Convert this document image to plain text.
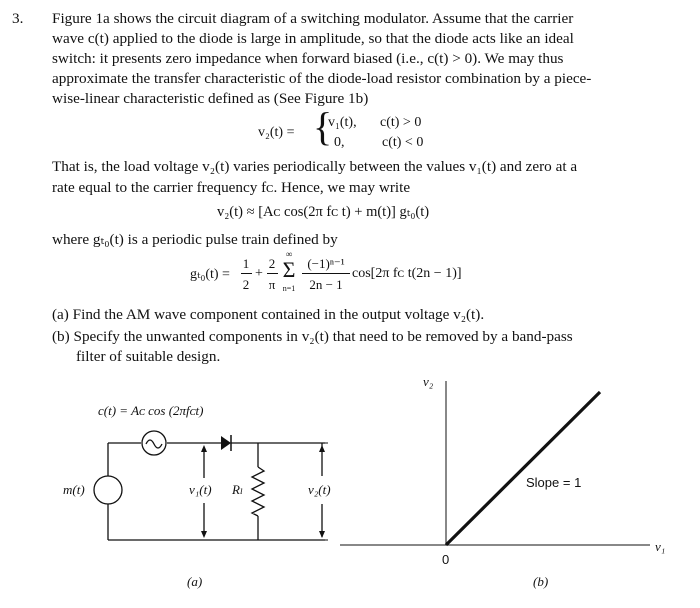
3. Figure 1a shows the circuit diagram of a switching modulator. Assume that the carrier
wave c(t) applied to the diode is large in amplitude, so that the diode acts like an ideal
switch: it presents zero impedance when forward biased (i.e., c(t) > 0). We may thus
approximate the transfer characteristic of the diode-load resistor combination by a piece-
wise-linear characteristic defined as (See Figure 1b)
v₂(t) = {
v₁(t), c(t) > 0
0,	c(t) < 0
That is, the load voltage v₂(t) varies periodically between the values v₁(t) and zero at a
rate equal to the carrier frequency fᴄ. Hence, we may write
v₂(t) ≈ [Aᴄ cos(2π fᴄ t) + m(t)] gₜ₀(t)
where gₜ₀(t) is a periodic pulse train defined by
gₜ₀(t) =
1
2
+
2
π
∞
Σ
n=1
(−1)ⁿ⁻¹
2n − 1
cos[2π fᴄ t(2n − 1)]
(a) Find the AM wave component contained in the output voltage v₂(t).
(b) Specify the unwanted components in v₂(t) that need to be removed by a band-pass
filter of suitable design.
c(t) = Aᴄ cos (2πfᴄt)
m(t)	v₁(t) Rₗ	v₂(t)
(a)
v₂
v₁
0
Slope = 1
(b)
